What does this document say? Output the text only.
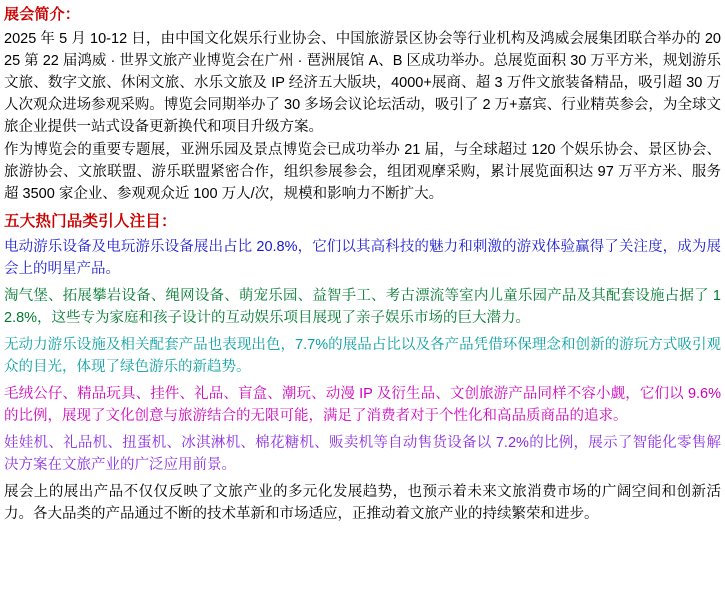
展会简介：

2025 年 5 月 10-12 日，由中国文化娱乐行业协会、中国旅游景区协会等行业机构及鸿威会展集团联合举办的 2025 第 22 届鸿威 · 世界文旅产业博览会在广州 · 琶洲展馆 A、B 区成功举办。总展览面积 30 万平方米，规划游乐文旅、数字文旅、休闲文旅、水乐文旅及 IP 经济五大版块，4000+展商、超 3 万件文旅装备精品，吸引超 30 万人次观众进场参观采购。博览会同期举办了 30 多场会议论坛活动，吸引了 2 万+嘉宾、行业精英参会，为全球文旅企业提供一站式设备更新换代和项目升级方案。

作为博览会的重要专题展，亚洲乐园及景点博览会已成功举办 21 届，与全球超过 120 个娱乐协会、景区协会、旅游协会、文旅联盟、游乐联盟紧密合作，组织参展参会，组团观摩采购，累计展览面积达 97 万平方米、服务超 3500 家企业、参观观众近 100 万人/次，规模和影响力不断扩大。

五大热门品类引人注目：

电动游乐设备及电玩游乐设备展出占比 20.8%，它们以其高科技的魅力和刺激的游戏体验赢得了关注度，成为展会上的明星产品。

淘气堡、拓展攀岩设备、绳网设备、萌宠乐园、益智手工、考古漂流等室内儿童乐园产品及其配套设施占据了 12.8%，这些专为家庭和孩子设计的互动娱乐项目展现了亲子娱乐市场的巨大潜力。

无动力游乐设施及相关配套产品也表现出色，7.7%的展品占比以及各产品凭借环保理念和创新的游玩方式吸引观众的目光，体现了绿色游乐的新趋势。

毛绒公仔、精品玩具、挂件、礼品、盲盒、潮玩、动漫 IP 及衍生品、文创旅游产品同样不容小觑，它们以 9.6%的比例，展现了文化创意与旅游结合的无限可能，满足了消费者对于个性化和高品质商品的追求。

娃娃机、礼品机、扭蛋机、冰淇淋机、棉花糖机、贩卖机等自动售货设备以 7.2%的比例，展示了智能化零售解决方案在文旅产业的广泛应用前景。

展会上的展出产品不仅仅反映了文旅产业的多元化发展趋势，也预示着未来文旅消费市场的广阔空间和创新活力。各大品类的产品通过不断的技术革新和市场适应，正推动着文旅产业的持续繁荣和进步。
